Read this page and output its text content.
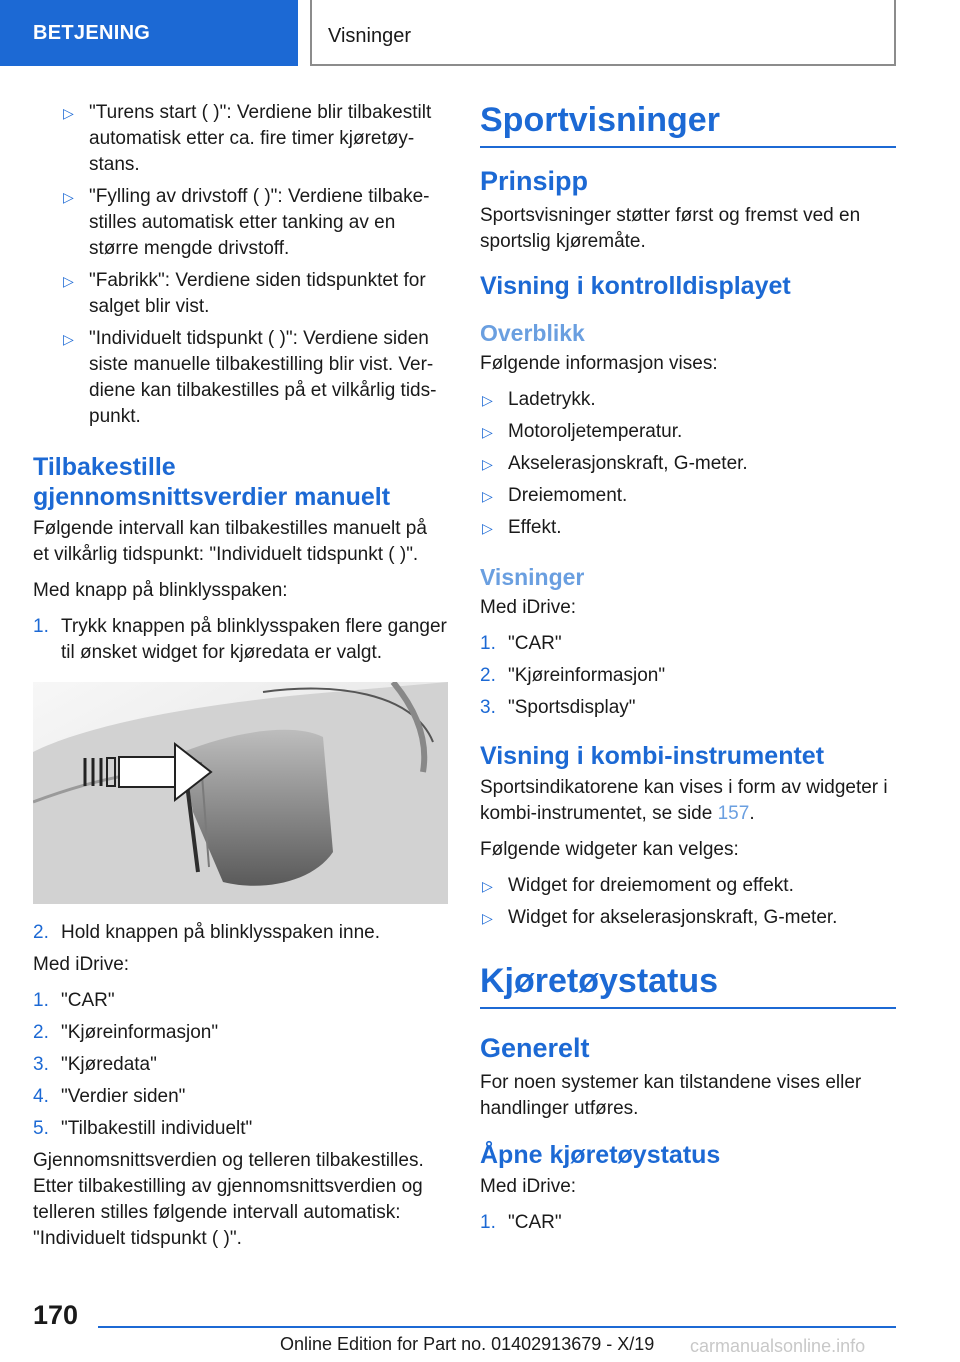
BETJENING	Visninger
▷ "Turens start ( )": Verdiene blir tilbakestilt automatisk etter ca. fire timer kjøretøystans.
▷ "Fylling av drivstoff ( )": Verdiene tilbakestilles automatisk etter tanking av en større mengde drivstoff.
▷ "Fabrikk": Verdiene siden tidspunktet for salget blir vist.
▷ "Individuelt tidspunkt ( )": Verdiene siden siste manuelle tilbakestilling blir vist. Verdiene kan tilbakestilles på et vilkårlig tidspunkt.
Tilbakestille
gjennomsnittsverdier manuelt

Følgende intervall kan tilbakestilles manuelt på et vilkårlig tidspunkt: "Individuelt tidspunkt ( )".

Med knapp på blinklysspaken:

1. Trykk knappen på blinklysspaken flere ganger til ønsket widget for kjøredata er valgt.
2. Hold knappen på blinklysspaken inne.

Med iDrive:

1. "CAR"
2. "Kjøreinformasjon"
3. "Kjøredata"
4. "Verdier siden"
5. "Tilbakestill individuelt"

Gjennomsnittsverdien og telleren tilbakestilles. Etter tilbakestilling av gjennomsnittsverdien og telleren stilles følgende intervall automatisk: "Individuelt tidspunkt ( )".

Sportvisninger
Prinsipp

Sportsvisninger støtter først og fremst ved en sportslig kjøremåte.

Visning i kontrolldisplayet
Overblikk

Følgende informasjon vises:

▷ Ladetrykk.
▷ Motoroljetemperatur.
▷ Akselerasjonskraft, G-meter.
▷ Dreiemoment.
▷ Effekt.
Visninger

Med iDrive:

1. "CAR"
2. "Kjøreinformasjon"
3. "Sportsdisplay"
Visning i kombi-instrumentet

Sportsindikatorene kan vises i form av widgeter i kombi-instrumentet, se side 157.

Følgende widgeter kan velges:

▷ Widget for dreiemoment og effekt.
▷ Widget for akselerasjonskraft, G-meter.
Kjøretøystatus
Generelt

For noen systemer kan tilstandene vises eller handlinger utføres.

Åpne kjøretøystatus

Med iDrive:

1. "CAR"
170
Online Edition for Part no. 01402913679 - X/19 carmanualsonline.info
